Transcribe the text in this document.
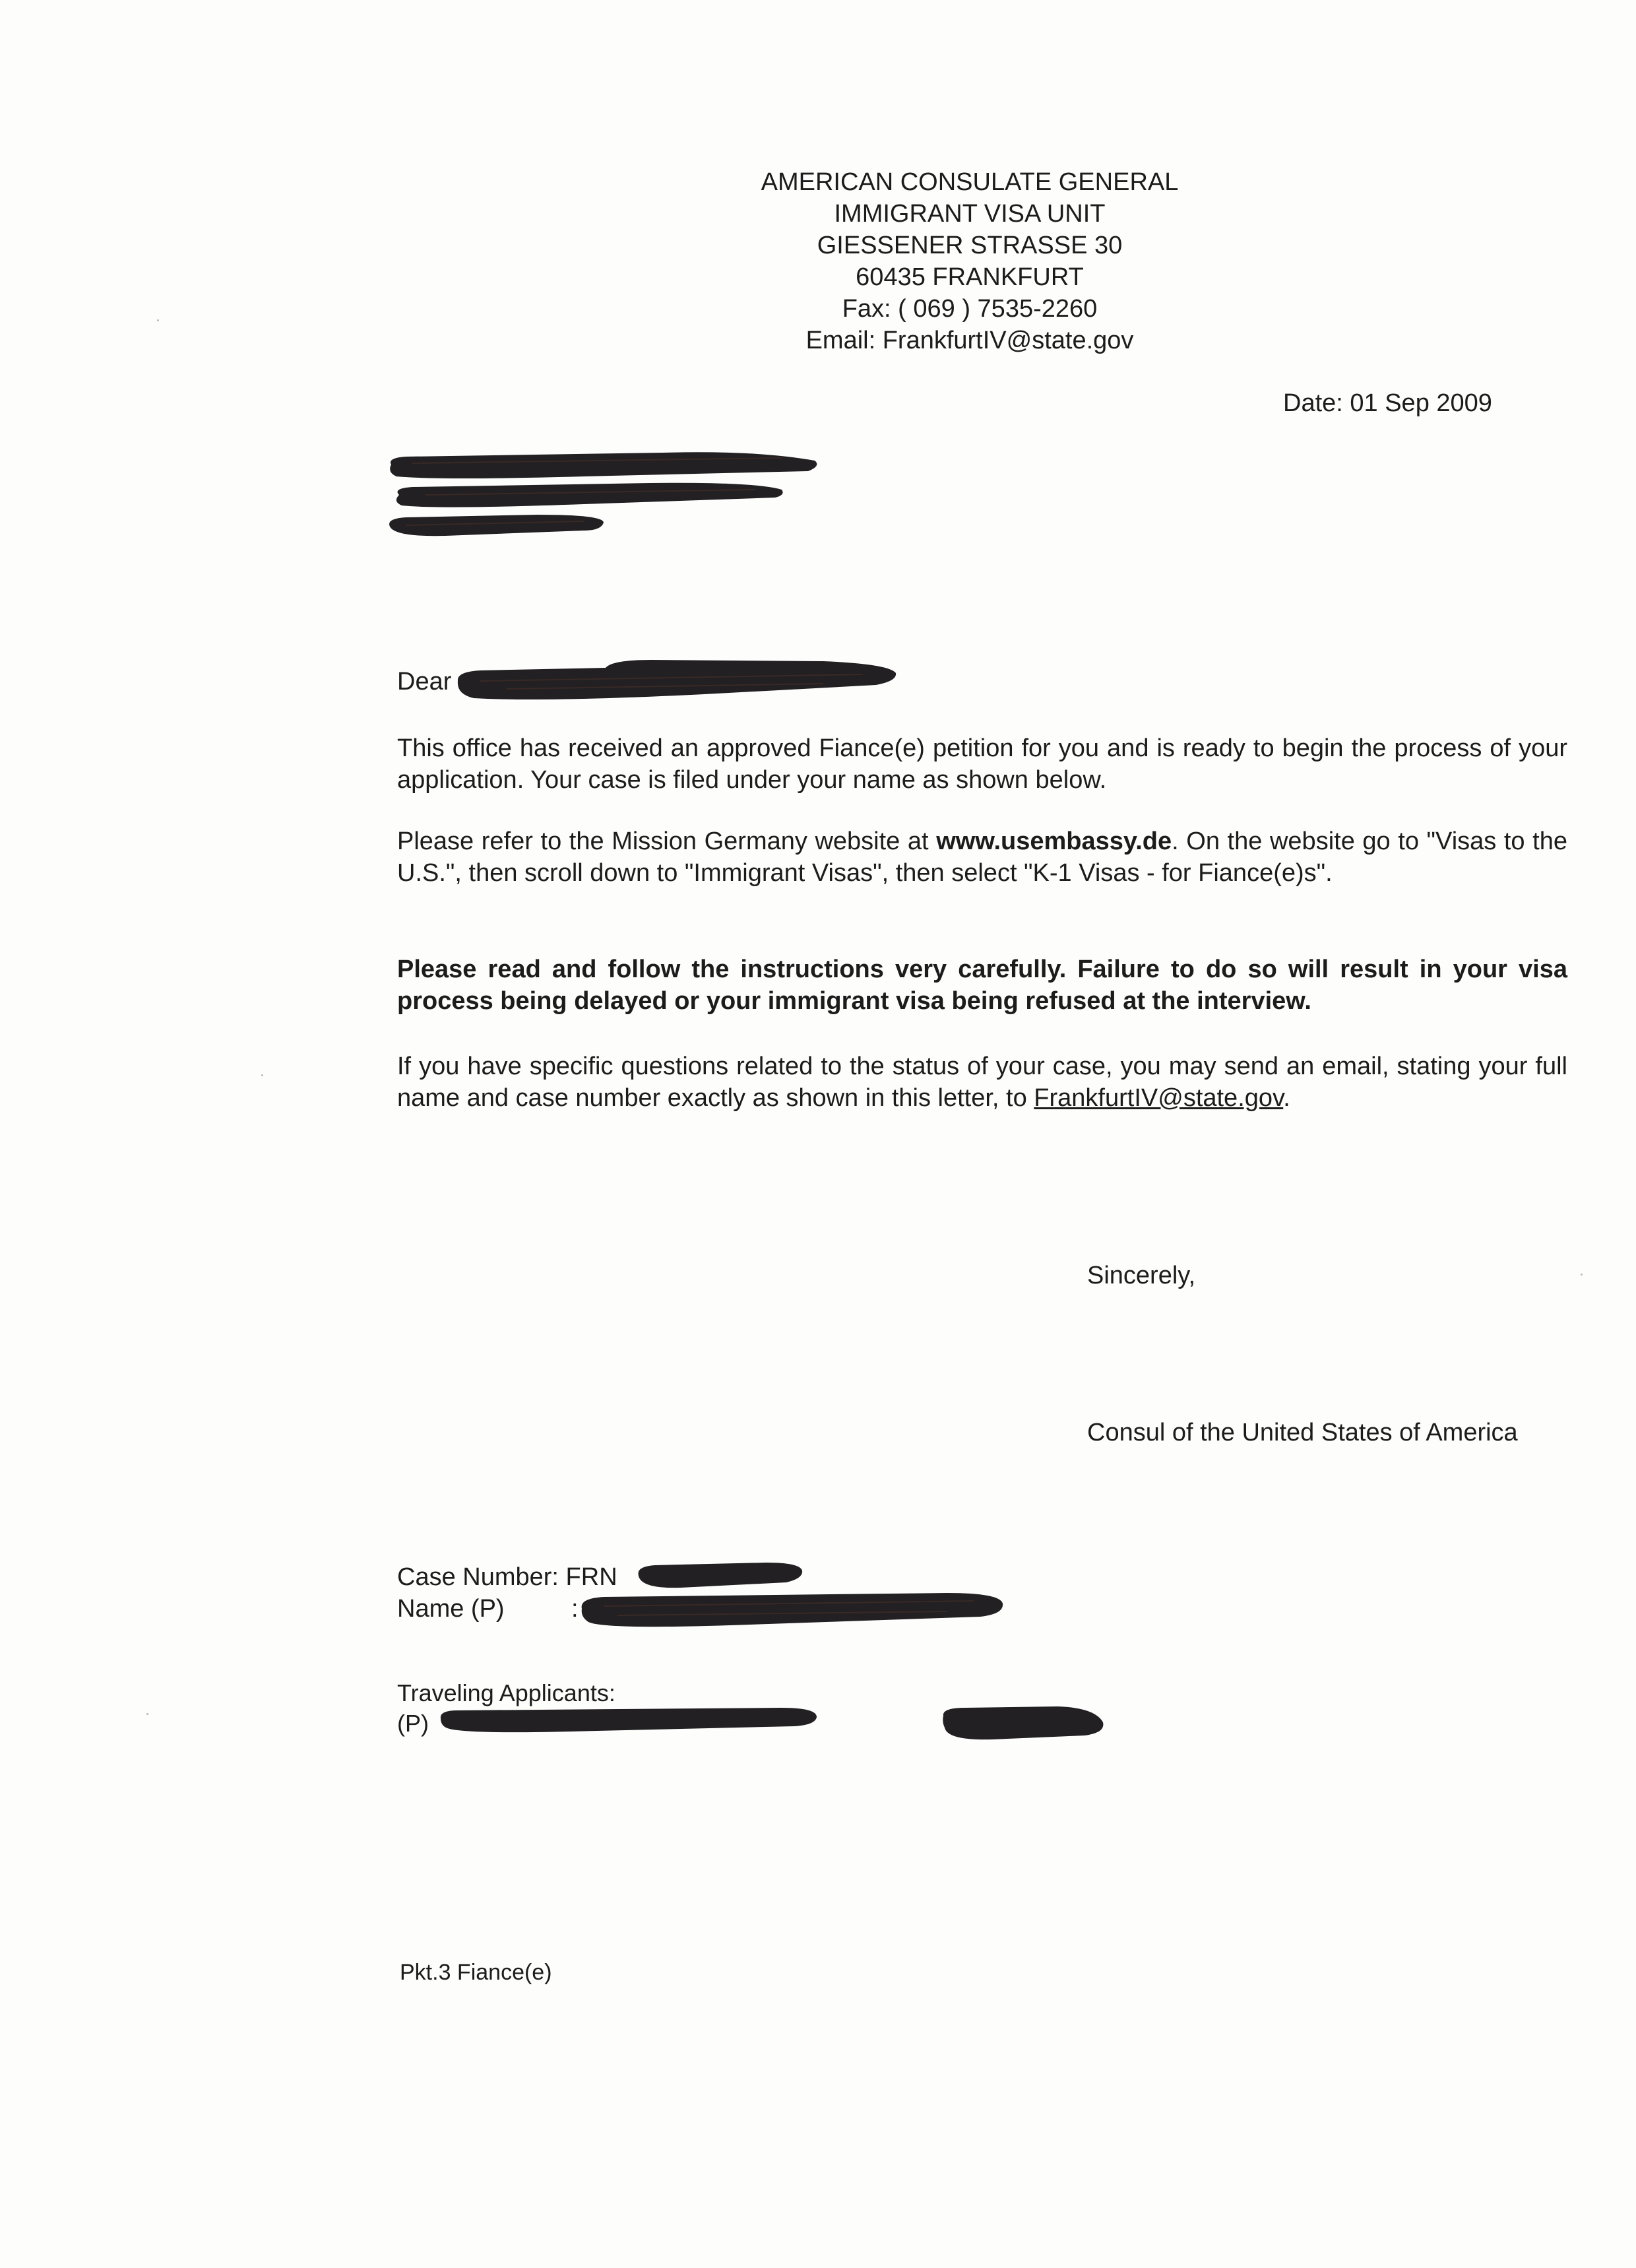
AMERICAN CONSULATE GENERAL
IMMIGRANT VISA UNIT
GIESSENER STRASSE 30
60435 FRANKFURT
Fax: ( 069 ) 7535-2260
Email: FrankfurtIV@state.gov
Date: 01 Sep 2009
Dear

This office has received an approved Fiance(e) petition for you and is ready to begin the process of your application. Your case is filed under your name as shown below.

Please refer to the Mission Germany website at www.usembassy.de. On the website go to "Visas to the U.S.", then scroll down to "Immigrant Visas", then select "K-1 Visas - for Fiance(e)s".

Please read and follow the instructions very carefully. Failure to do so will result in your visa process being delayed or your immigrant visa being refused at the interview.

If you have specific questions related to the status of your case, you may send an email, stating your full name and case number exactly as shown in this letter, to FrankfurtIV@state.gov.

Sincerely,
Consul of the United States of America
Case Number: FRN
Name (P)	:
Traveling Applicants:
(P)
Pkt.3 Fiance(e)
